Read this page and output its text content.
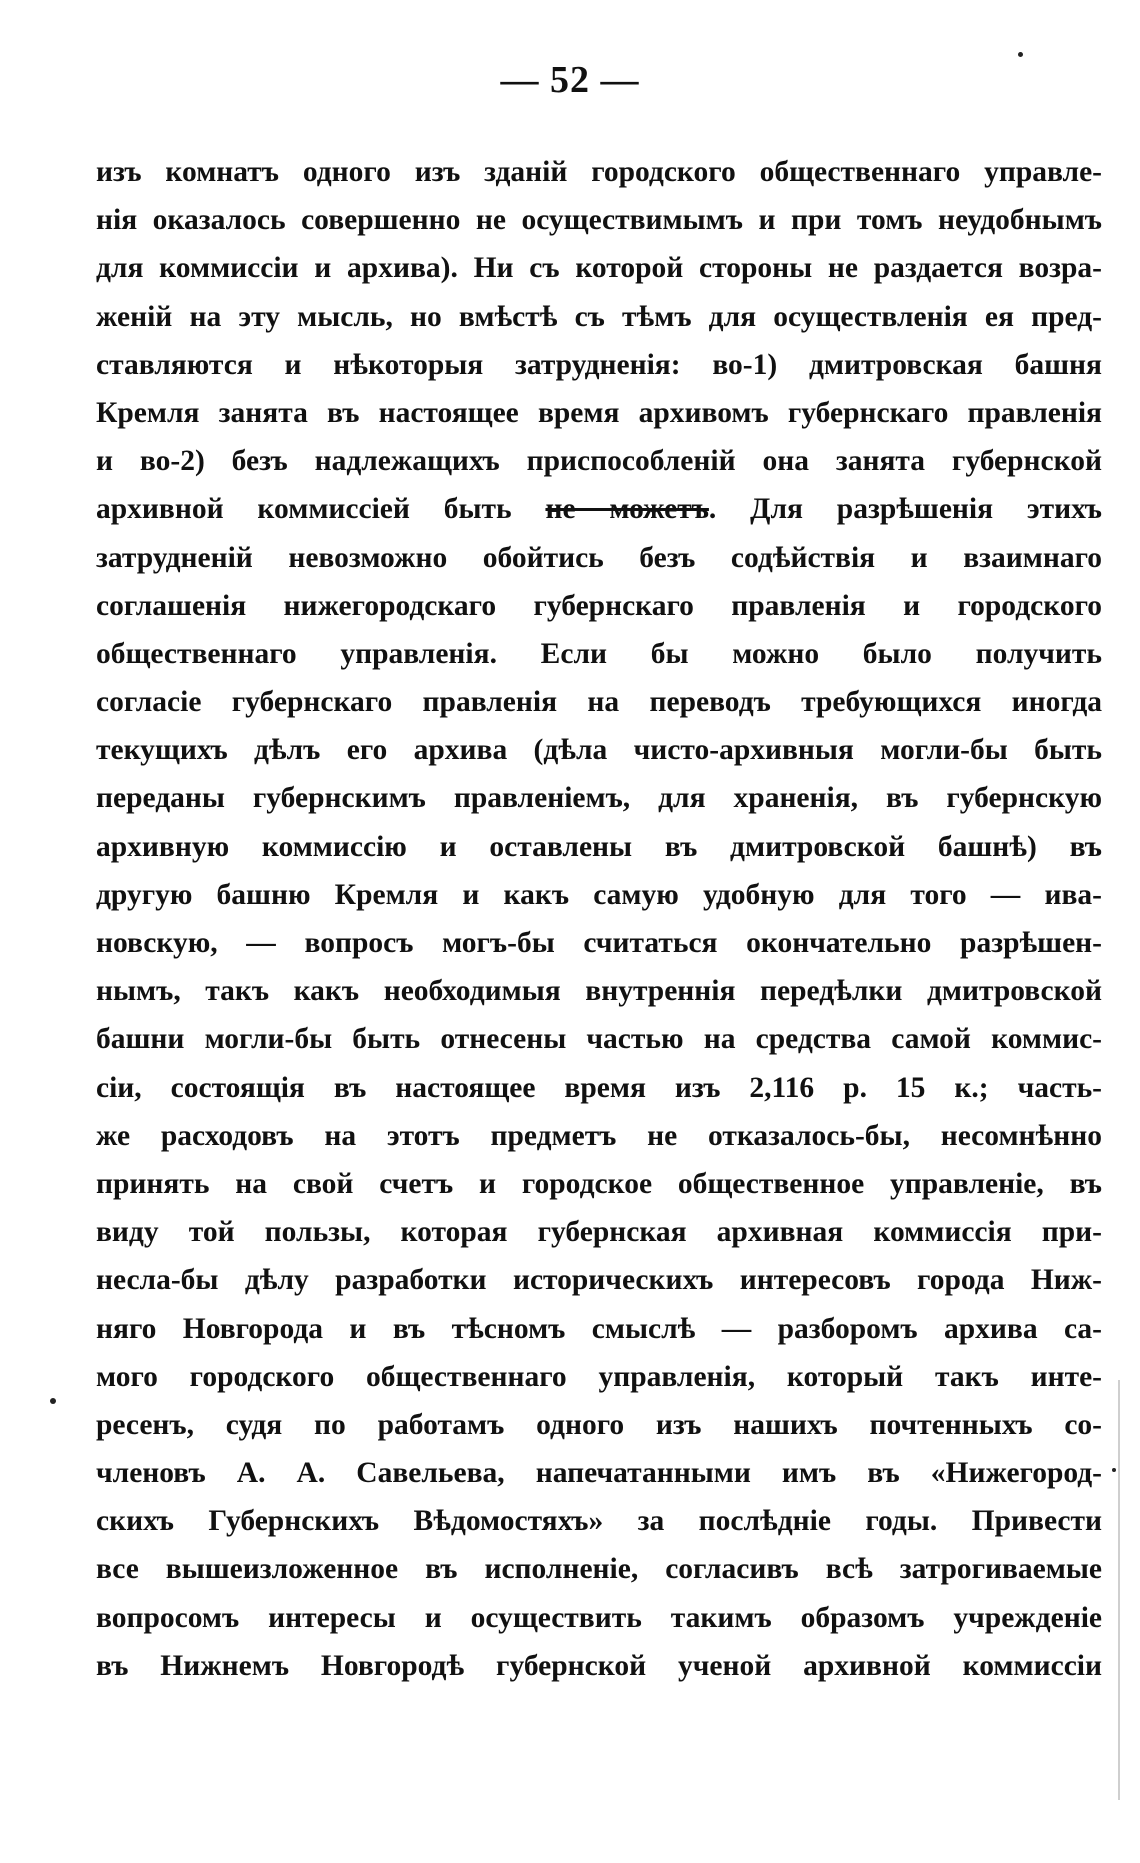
— 52 —
изъ комнатъ одного изъ зданій городского общественнаго управле-
нія оказалось совершенно не осуществимымъ и при томъ неудобнымъ
для коммиссіи и архива). Ни съ которой стороны не раздается возра-
женій на эту мысль, но вмѣстѣ съ тѣмъ для осуществленія ея пред-
ставляются и нѣкоторыя затрудненія: во-1) дмитровская башня
Кремля занята въ настоящее время архивомъ губернскаго правленія
и во-2) безъ надлежащихъ приспособленій она занята губернской
архивной коммиссіей быть не можетъ. Для разрѣшенія этихъ
затрудненій невозможно обойтись безъ содѣйствія и взаимнаго
соглашенія нижегородскаго губернскаго правленія и городского
общественнаго управленія. Если бы можно было получить
согласіе губернскаго правленія на переводъ требующихся иногда
текущихъ дѣлъ его архива (дѣла чисто-архивныя могли-бы быть
переданы губернскимъ правленіемъ, для храненія, въ губернскую
архивную коммиссію и оставлены въ дмитровской башнѣ) въ
другую башню Кремля и какъ самую удобную для того — ива-
новскую, — вопросъ могъ-бы считаться окончательно разрѣшен-
нымъ, такъ какъ необходимыя внутреннія передѣлки дмитровской
башни могли-бы быть отнесены частью на средства самой коммис-
сіи, состоящія въ настоящее время изъ 2,116 р. 15 к.; часть-
же расходовъ на этотъ предметъ не отказалось-бы, несомнѣнно
принять на свой счетъ и городское общественное управленіе, въ
виду той пользы, которая губернская архивная коммиссія при-
несла-бы дѣлу разработки историческихъ интересовъ города Ниж-
няго Новгорода и въ тѣсномъ смыслѣ — разборомъ архива са-
мого городского общественнаго управленія, который такъ инте-
ресенъ, судя по работамъ одного изъ нашихъ почтенныхъ со-
членовъ А. А. Савельева, напечатанными имъ въ «Нижегород-
скихъ Губернскихъ Вѣдомостяхъ» за послѣдніе годы. Привести
все вышеизложенное въ исполненіе, согласивъ всѣ затрогиваемые
вопросомъ интересы и осуществить такимъ образомъ учрежденіе
въ Нижнемъ Новгородѣ губернской ученой архивной коммиссіи
